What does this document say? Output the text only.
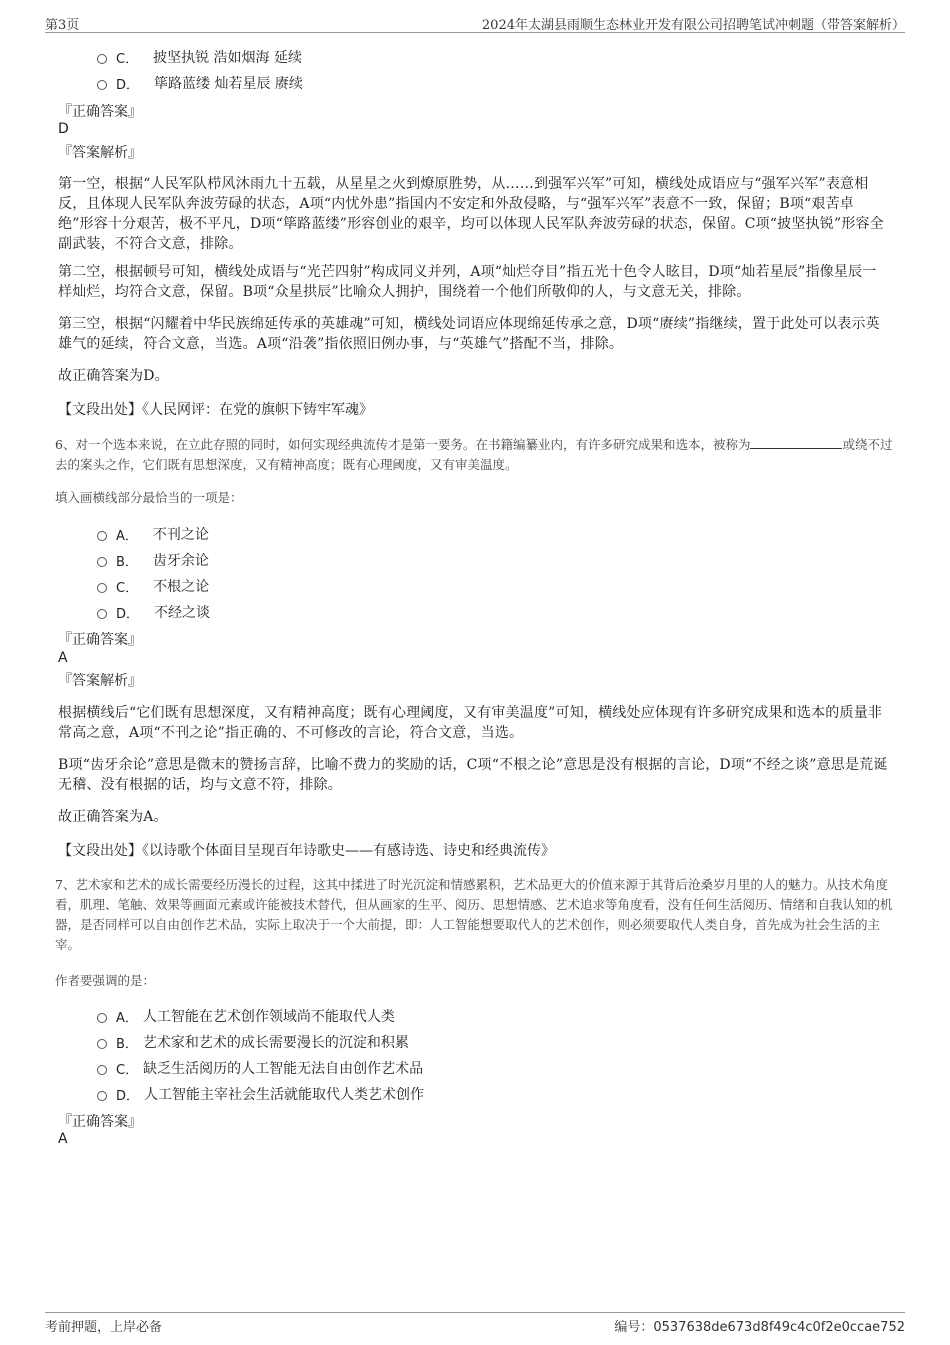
第3页	2024年太湖县雨顺生态林业开发有限公司招聘笔试冲刺题（带答案解析）
C． 披坚执锐 浩如烟海 延续
D． 筚路蓝缕 灿若星辰 赓续
『正确答案』
D
『答案解析』
第一空，根据“人民军队栉风沐雨九十五载，从星星之火到燎原胜势，从……到强军兴军”可知，横线处成语应与“强军兴军”表意相反，且体现人民军队奔波劳碌的状态，A项“内忧外患”指国内不安定和外敌侵略，与“强军兴军”表意不一致，保留；B项“艰苦卓绝”形容十分艰苦，极不平凡，D项“筚路蓝缕”形容创业的艰辛，均可以体现人民军队奔波劳碌的状态，保留。C项“披坚执锐”形容全副武装，不符合文意，排除。
第二空，根据顿号可知，横线处成语与“光芒四射”构成同义并列，A项“灿烂夺目”指五光十色令人眩目，D项“灿若星辰”指像星辰一样灿烂，均符合文意，保留。B项“众星拱辰”比喻众人拥护，围绕着一个他们所敬仰的人，与文意无关，排除。
第三空，根据“闪耀着中华民族绵延传承的英雄魂”可知，横线处词语应体现绵延传承之意，D项“赓续”指继续，置于此处可以表示英雄气的延续，符合文意，当选。A项“沿袭”指依照旧例办事，与“英雄气”搭配不当，排除。
故正确答案为D。
【文段出处】《人民网评：在党的旗帜下铸牢军魂》
6、对一个选本来说，在立此存照的同时，如何实现经典流传才是第一要务。在书籍编纂业内，有许多研究成果和选本，被称为	或绕不过去的案头之作，它们既有思想深度，又有精神高度；既有心理阈度，又有审美温度。
填入画横线部分最恰当的一项是：
A． 不刊之论
B． 齿牙余论
C． 不根之论
D． 不经之谈
『正确答案』
A
『答案解析』
根据横线后“它们既有思想深度，又有精神高度；既有心理阈度，又有审美温度”可知，横线处应体现有许多研究成果和选本的质量非常高之意，A项“不刊之论”指正确的、不可修改的言论，符合文意，当选。
B项“齿牙余论”意思是微末的赞扬言辞，比喻不费力的奖励的话，C项“不根之论”意思是没有根据的言论，D项“不经之谈”意思是荒诞无稽、没有根据的话，均与文意不符，排除。
故正确答案为A。
【文段出处】《以诗歌个体面目呈现百年诗歌史——有感诗选、诗史和经典流传》
7、艺术家和艺术的成长需要经历漫长的过程，这其中揉进了时光沉淀和情感累积，艺术品更大的价值来源于其背后沧桑岁月里的人的魅力。从技术角度看，肌理、笔触、效果等画面元素或许能被技术替代，但从画家的生平、阅历、思想情感、艺术追求等角度看，没有任何生活阅历、情绪和自我认知的机器，是否同样可以自由创作艺术品，实际上取决于一个大前提，即：人工智能想要取代人的艺术创作，则必须要取代人类自身，首先成为社会生活的主宰。
作者要强调的是：
A． 人工智能在艺术创作领域尚不能取代人类
B． 艺术家和艺术的成长需要漫长的沉淀和积累
C． 缺乏生活阅历的人工智能无法自由创作艺术品
D． 人工智能主宰社会生活就能取代人类艺术创作
『正确答案』
A
考前押题，上岸必备	编号：0537638de673d8f49c4c0f2e0ccae752
